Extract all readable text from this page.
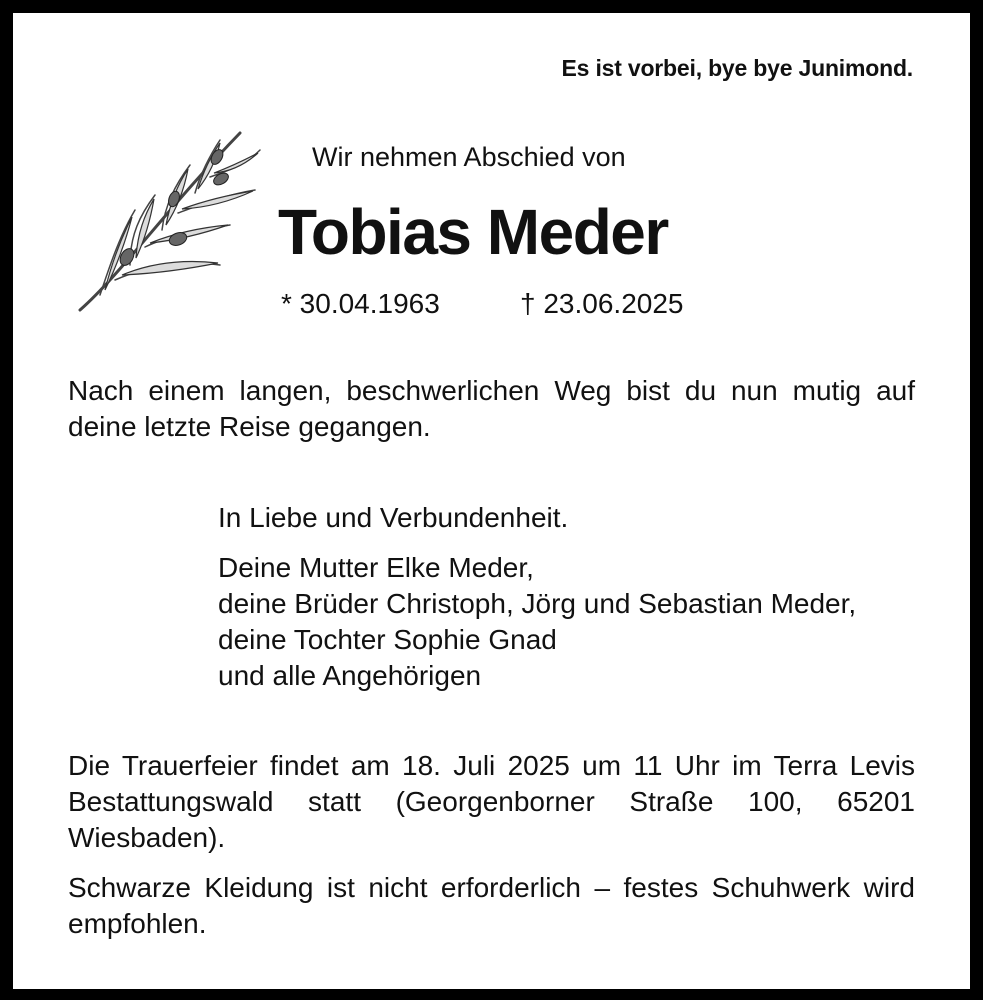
Es ist vorbei, bye bye Junimond.
Wir nehmen Abschied von
Tobias Meder
* 30.04.1963	† 23.06.2025
Nach einem langen, beschwerlichen Weg bist du nun mutig auf deine letzte Reise gegangen.
In Liebe und Verbundenheit.
Deine Mutter Elke Meder,
deine Brüder Christoph, Jörg und Sebastian Meder,
deine Tochter Sophie Gnad
und alle Angehörigen
Die Trauerfeier findet am 18. Juli 2025 um 11 Uhr im Terra Levis Bestattungswald statt (Georgenborner Straße 100, 65201 Wiesbaden).
Schwarze Kleidung ist nicht erforderlich – festes Schuhwerk wird empfohlen.
